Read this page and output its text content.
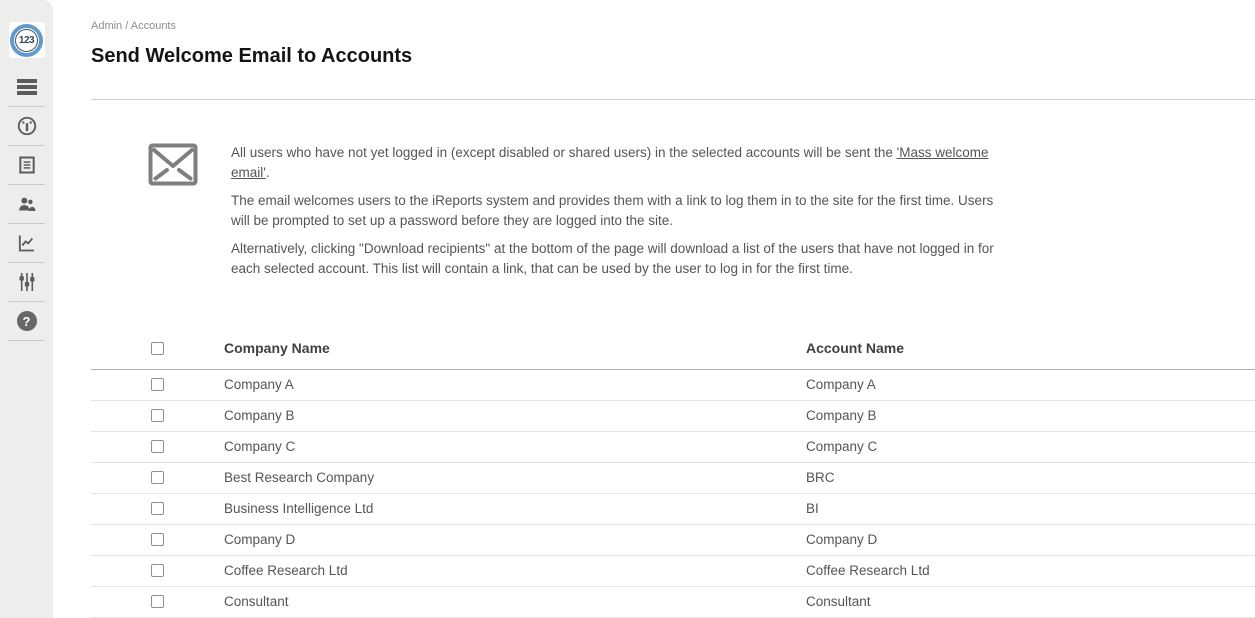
123
?
Admin / Accounts
Send Welcome Email to Accounts

All users who have not yet logged in (except disabled or shared users) in the selected accounts will be sent the 'Mass welcome email'.

The email welcomes users to the iReports system and provides them with a link to log them in to the site for the first time. Users will be prompted to set up a password before they are logged into the site.

Alternatively, clicking "Download recipients" at the bottom of the page will download a list of the users that have not logged in for each selected account. This list will contain a link, that can be used by the user to log in for the first time.

	Company Name	Account Name

	Company A	Company A

	Company B	Company B

	Company C	Company C

	Best Research Company	BRC

	Business Intelligence Ltd	BI

	Company D	Company D

	Coffee Research Ltd	Coffee Research Ltd

	Consultant	Consultant
